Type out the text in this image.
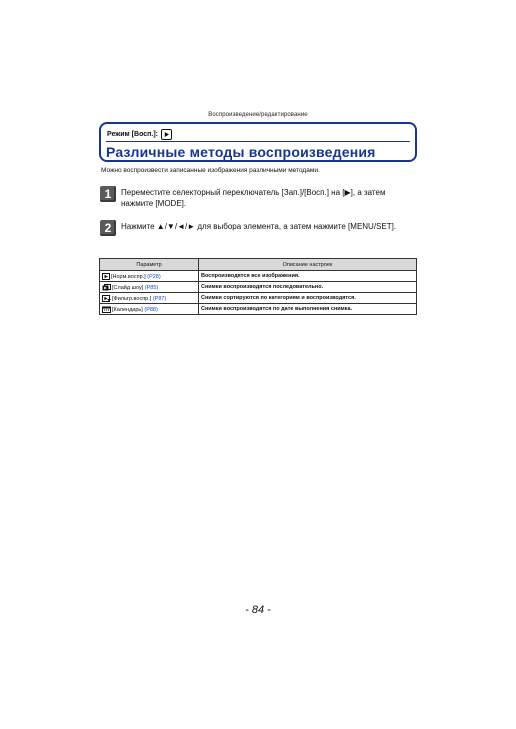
Воспроизведение/редактирование
Режим [Восп.]:
Различные методы воспроизведения
Можно воспроизвести записанные изображения различными методами.
1	Переместите селекторный переключатель [Зап.]/[Восп.] на [▶], а затем нажмите [MODE].
2	Нажмите ▲/▼/◄/► для выбора элемента, а затем нажмите [MENU/SET].
Параметр	Описание настроек

[Норм.воспр.] (P28)	Воспроизводятся все изображения.

[Слайд шоу] (P85)	Снимки воспроизводятся последовательно.

[Фильтр.воспр.] (P87)	Снимки сортируются по категориям и воспроизводятся.

[Календарь] (P88)	Снимки воспроизводятся по дате выполнения снимка.
- 84 -
